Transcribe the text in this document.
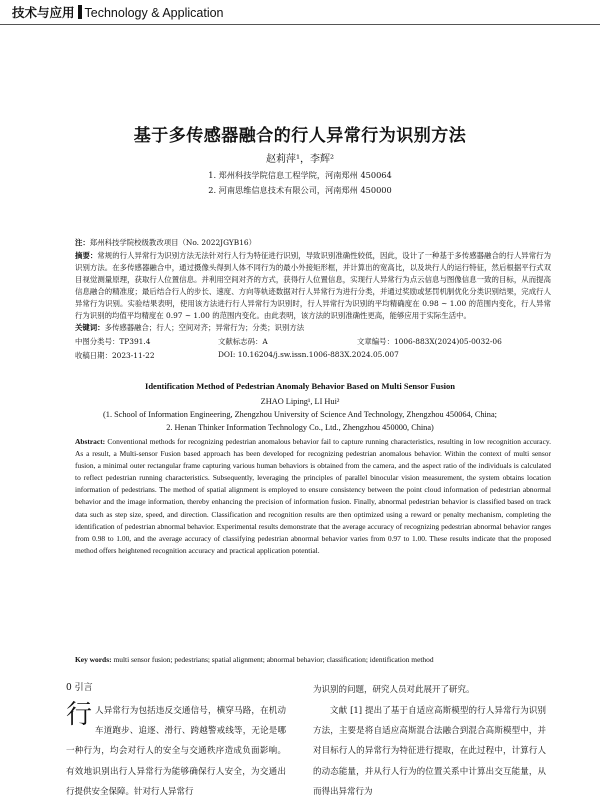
技术与应用 Technology & Application
基于多传感器融合的行人异常行为识别方法
赵莉萍¹，李辉²
1. 郑州科技学院信息工程学院，河南郑州 450064
2. 河南思维信息技术有限公司，河南郑州 450000
注：郑州科技学院校级教改项目（No. 2022JGYB16）
摘要：常规的行人异常行为识别方法无法针对行人行为特征进行识别，导致识别准确性较低，因此，设计了一种基于多传感器融合的行人异常行为识别方法。在多传感器融合中，通过摄像头得到人体不同行为的最小外接矩形框，并计算出的宽高比，以及块行人的运行特征，然后根据平行式双目视觉测量原理，获取行人位置信息。并利用空间对齐的方式，获得行人位置信息，实现行人异常行为点云信息与图像信息一致的目标，从而提高信息融合的精准度；最后结合行人的步长、速度、方向等轨迹数据对行人异常行为进行分类，并通过奖励或惩罚机制优化分类识别结果，完成行人异常行为识别。实验结果表明，使用该方法进行行人异常行为识别时，行人异常行为识别的平均精确度在 0.98 ~ 1.00 的范围内变化，行人异常行为识别的均值平均精度在 0.97 ~ 1.00 的范围内变化。由此表明，该方法的识别准确性更高，能够应用于实际生活中。
关键词：多传感器融合；行人；空间对齐；异常行为；分类；识别方法
中图分类号：TP391.4	文献标志码：A	文章编号：1006-883X(2024)05-0032-06
收稿日期：2023-11-22	DOI: 10.16204/j.sw.issn.1006-883X.2024.05.007
Identification Method of Pedestrian Anomaly Behavior Based on Multi Sensor Fusion
ZHAO Liping¹, LI Hui²
(1. School of Information Engineering, Zhengzhou University of Science And Technology, Zhengzhou 450064, China;
2. Henan Thinker Information Technology Co., Ltd., Zhengzhou 450000, China)
Abstract: Conventional methods for recognizing pedestrian anomalous behavior fail to capture running characteristics, resulting in low recognition accuracy. As a result, a Multi-sensor Fusion based approach has been developed for recognizing pedestrian anomalous behavior. Within the context of multi sensor fusion, a minimal outer rectangular frame capturing various human behaviors is obtained from the camera, and the aspect ratio of the individuals is calculated to reflect pedestrian running characteristics. Subsequently, leveraging the principles of parallel binocular vision measurement, the system obtains location information of pedestrians. The method of spatial alignment is employed to ensure consistency between the point cloud information of pedestrian abnormal behavior and the image information, thereby enhancing the precision of information fusion. Finally, abnormal pedestrian behavior is classified based on track data such as step size, speed, and direction. Classification and recognition results are then optimized using a reward or penalty mechanism, completing the identification of pedestrian abnormal behavior. Experimental results demonstrate that the average accuracy of recognizing pedestrian abnormal behavior ranges from 0.98 to 1.00, and the average accuracy of classifying pedestrian abnormal behavior varies from 0.97 to 1.00. These results indicate that the proposed method offers heightened recognition accuracy and practical application potential.
Key words: multi sensor fusion; pedestrians; spatial alignment; abnormal behavior; classification; identification method
0 引言
行人异常行为包括违反交通信号，横穿马路，在机动车道跑步、追逐、滑行、跨越警戒线等，无论是哪一种行为，均会对行人的安全与交通秩序造成负面影响。有效地识别出行人异常行为能够确保行人安全，为交通出行提供安全保障。针对行人异常行
为识别的问题，研究人员对此展开了研究。
文献 [1] 提出了基于自适应高斯模型的行人异常行为识别方法，主要是将自适应高斯混合法融合到混合高斯模型中，并对目标行人的异常行为特征进行提取，在此过程中，计算行人的动态能量，并从行人行为的位置关系中计算出交互能量，从而得出异常行为
